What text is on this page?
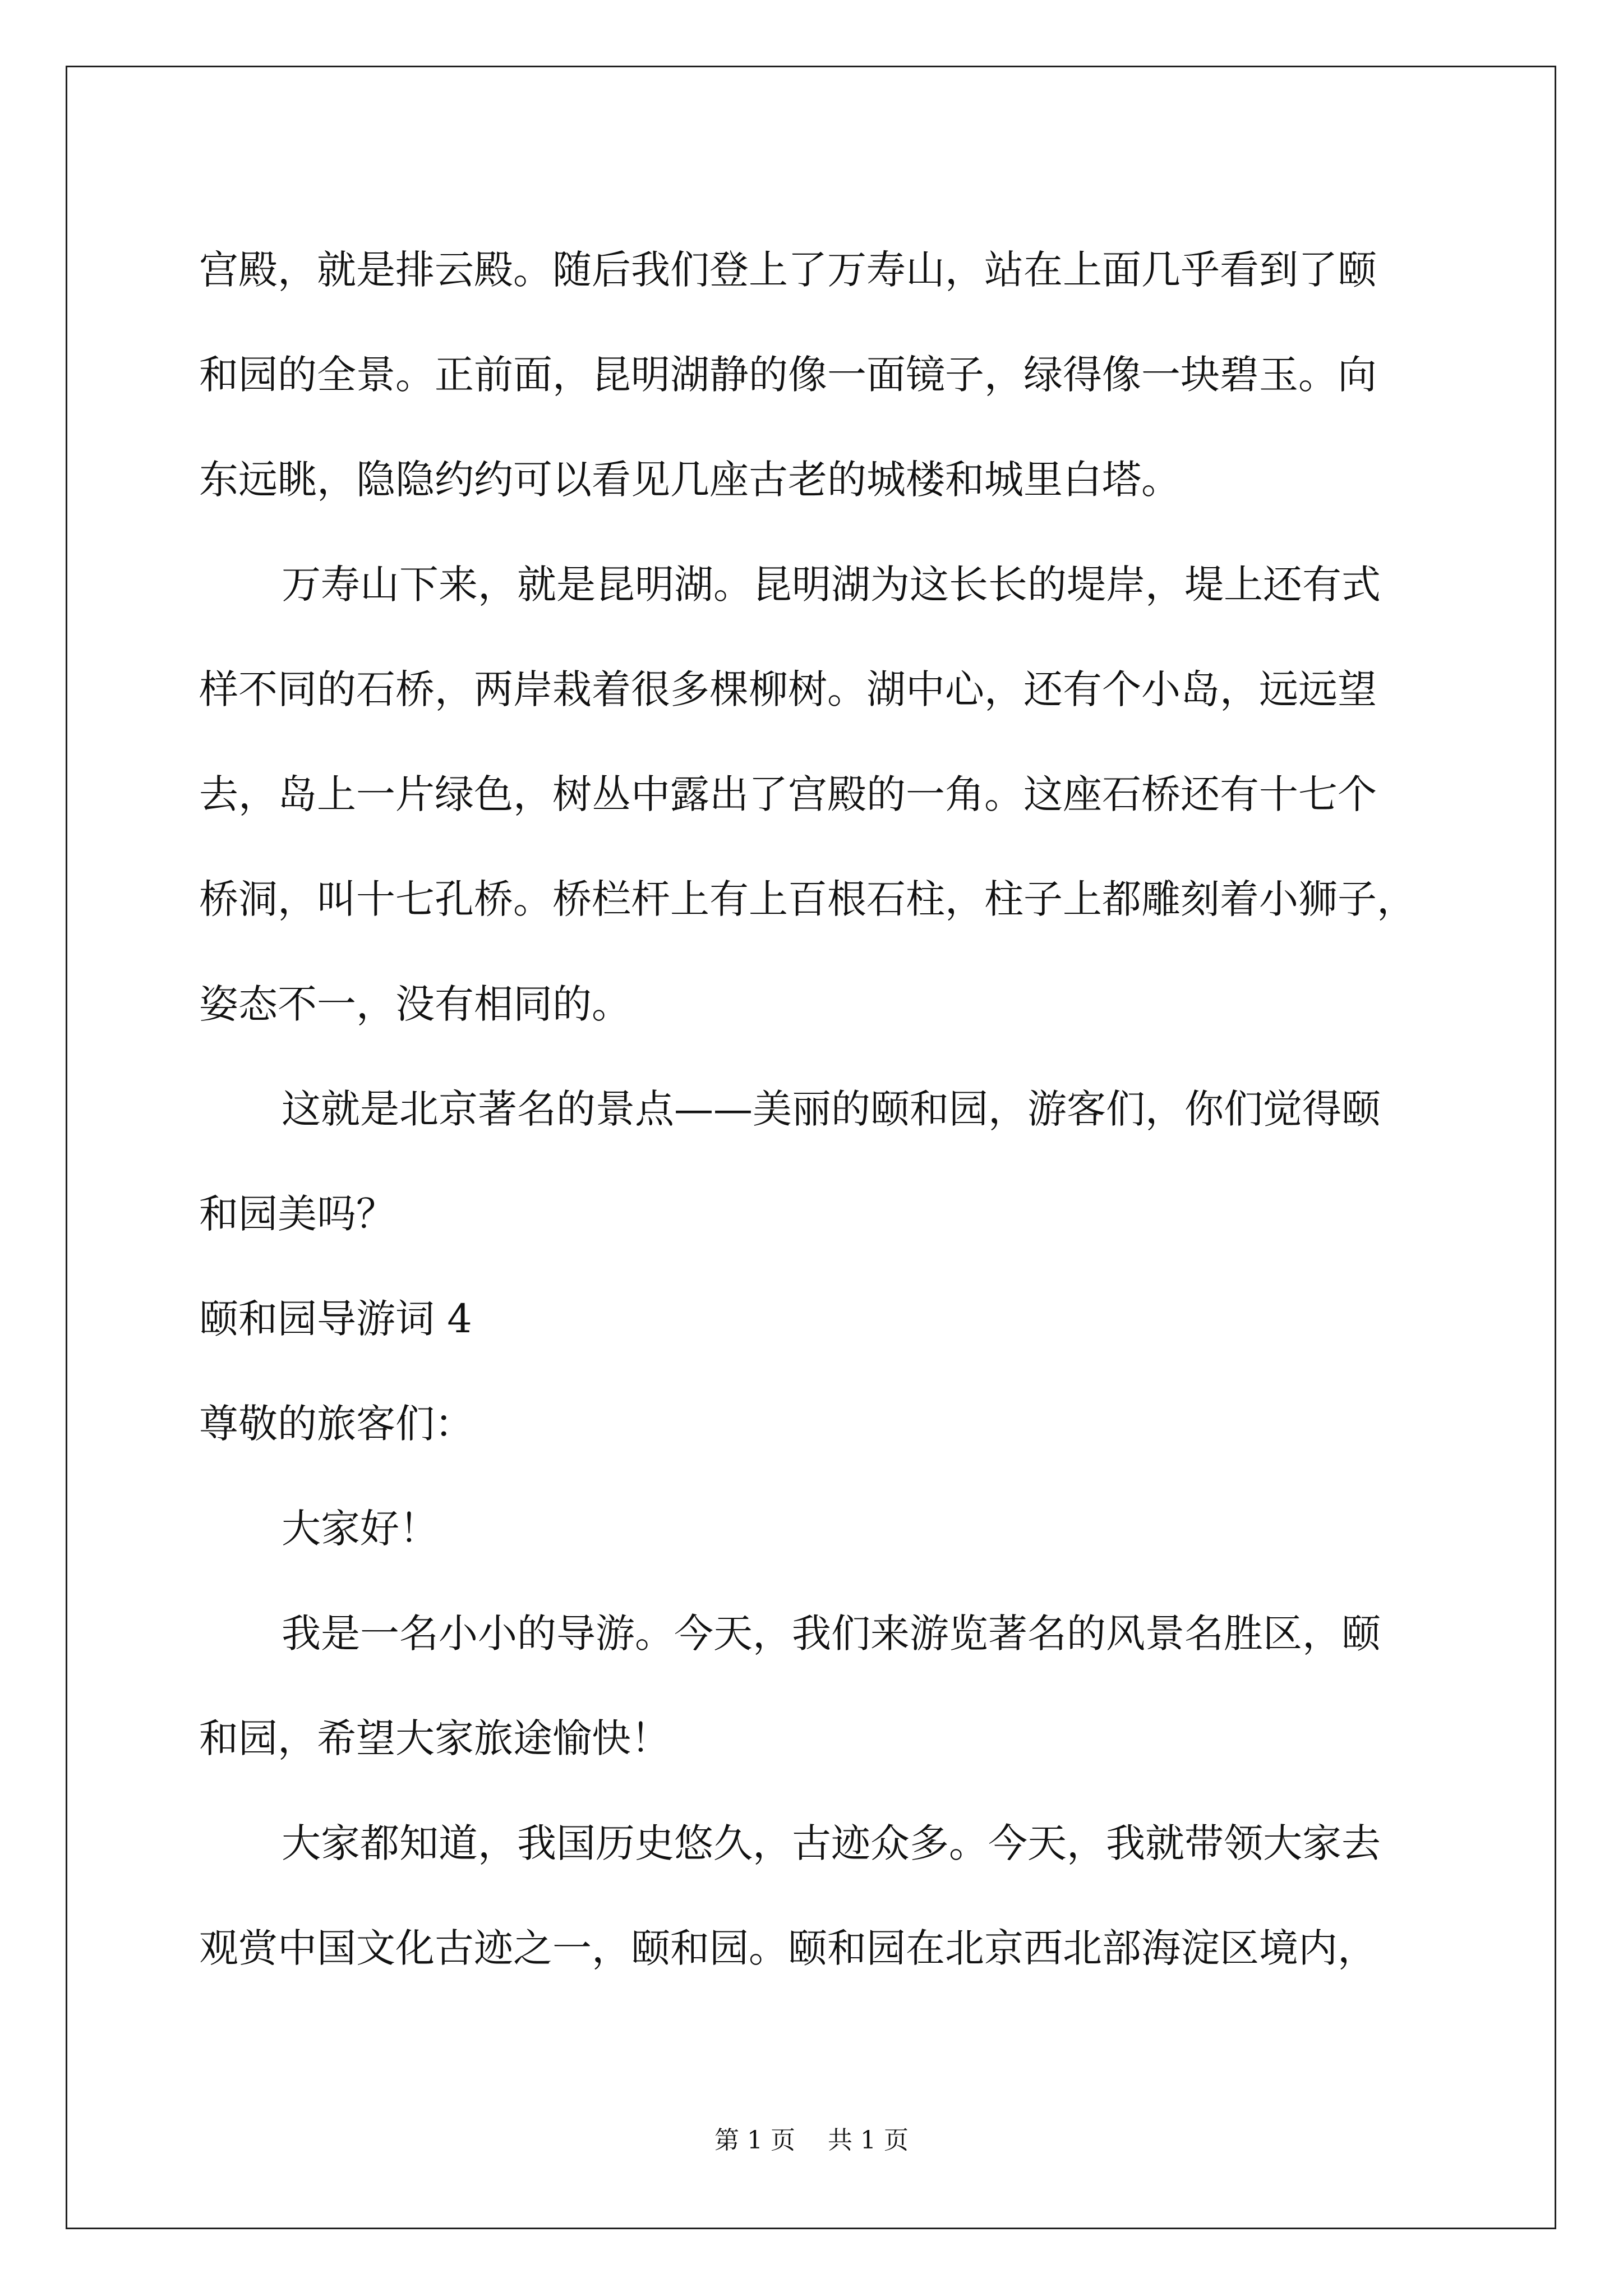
宫殿，就是排云殿。随后我们登上了万寿山，站在上面几乎看到了颐
和园的全景。正前面，昆明湖静的像一面镜子，绿得像一块碧玉。向
东远眺，隐隐约约可以看见几座古老的城楼和城里白塔。
万寿山下来，就是昆明湖。昆明湖为这长长的堤岸，堤上还有式
样不同的石桥，两岸栽着很多棵柳树。湖中心，还有个小岛，远远望
去，岛上一片绿色，树丛中露出了宫殿的一角。这座石桥还有十七个
桥洞，叫十七孔桥。桥栏杆上有上百根石柱，柱子上都雕刻着小狮子，
姿态不一，没有相同的。
这就是北京著名的景点——美丽的颐和园，游客们，你们觉得颐
和园美吗？
颐和园导游词 4
尊敬的旅客们：
大家好！
我是一名小小的导游。今天，我们来游览著名的风景名胜区，颐
和园，希望大家旅途愉快！
大家都知道，我国历史悠久，古迹众多。今天，我就带领大家去
观赏中国文化古迹之一，颐和园。颐和园在北京西北部海淀区境内，
第 1 页 共 1 页
